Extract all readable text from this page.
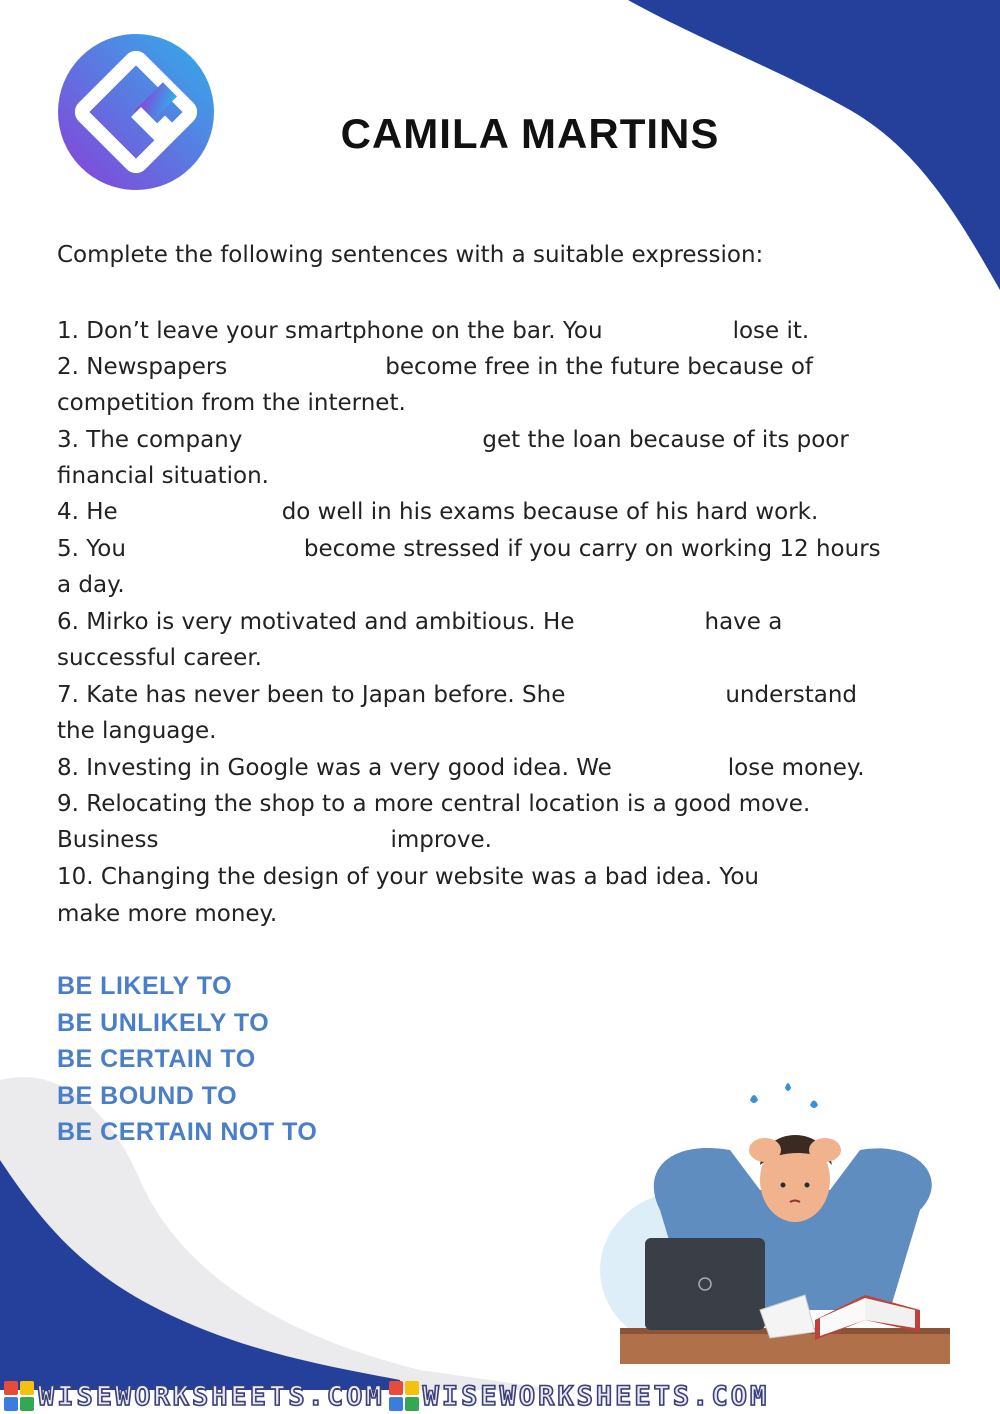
CAMILA MARTINS
Complete the following sentences with a suitable expression:
1. Don’t leave your smartphone on the bar. You	lose it.
2. Newspapers	become free in the future because of
competition from the internet.
3. The company	get the loan because of its poor
financial situation.
4. He	do well in his exams because of his hard work.
5. You	become stressed if you carry on working 12 hours
a day.
6. Mirko is very motivated and ambitious. He	have a
successful career.
7. Kate has never been to Japan before. She	understand
the language.
8. Investing in Google was a very good idea. We	lose money.
9. Relocating the shop to a more central location is a good move.
Business	improve.
10. Changing the design of your website was a bad idea. You
make more money.
BE LIKELY TO
BE UNLIKELY TO
BE CERTAIN TO
BE BOUND TO
BE CERTAIN NOT TO
WISEWORKSHEETS.COM WISEWORKSHEETS.COM
